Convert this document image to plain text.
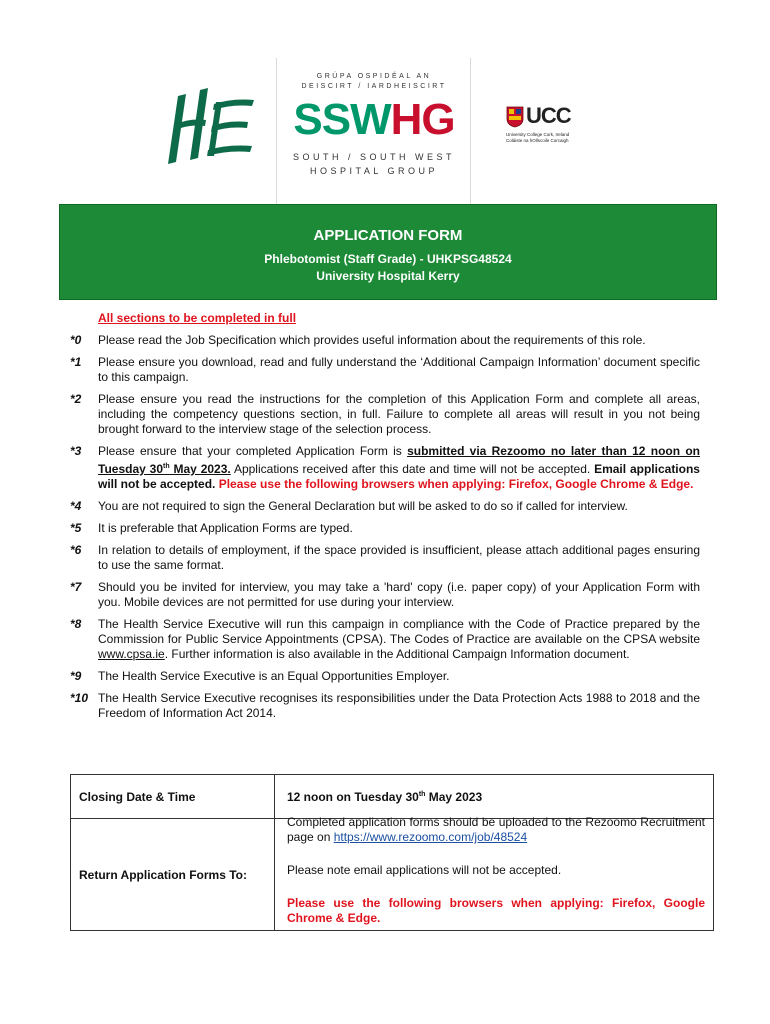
GRÚPA OSPIDÉAL AN
DEISCIRT / IARDHEISCIRT
SSWHG
SOUTH / SOUTH WEST
HOSPITAL GROUP
UCC
University College Cork, Ireland
Coláiste na hOllscoile Corcaigh
APPLICATION FORM
Phlebotomist (Staff Grade) - UHKPSG48524
University Hospital Kerry
All sections to be completed in full
*0 Please read the Job Specification which provides useful information about the requirements of this role.
*1 Please ensure you download, read and fully understand the ‘Additional Campaign Information’ document specific to this campaign.
*2 Please ensure you read the instructions for the completion of this Application Form and complete all areas, including the competency questions section, in full. Failure to complete all areas will result in you not being brought forward to the interview stage of the selection process.
*3 Please ensure that your completed Application Form is submitted via Rezoomo no later than 12 noon on Tuesday 30th May 2023. Applications received after this date and time will not be accepted. Email applications will not be accepted. Please use the following browsers when applying: Firefox, Google Chrome & Edge.
*4 You are not required to sign the General Declaration but will be asked to do so if called for interview.
*5 It is preferable that Application Forms are typed.
*6 In relation to details of employment, if the space provided is insufficient, please attach additional pages ensuring to use the same format.
*7 Should you be invited for interview, you may take a 'hard' copy (i.e. paper copy) of your Application Form with you. Mobile devices are not permitted for use during your interview.
*8 The Health Service Executive will run this campaign in compliance with the Code of Practice prepared by the Commission for Public Service Appointments (CPSA). The Codes of Practice are available on the CPSA website www.cpsa.ie. Further information is also available in the Additional Campaign Information document.
*9 The Health Service Executive is an Equal Opportunities Employer.
*10 The Health Service Executive recognises its responsibilities under the Data Protection Acts 1988 to 2018 and the Freedom of Information Act 2014.
Closing Date & Time	12 noon on Tuesday 30th May 2023
Return Application Forms To:	Completed application forms should be uploaded to the Rezoomo Recruitment page on https://www.rezoomo.com/job/48524

Please note email applications will not be accepted.

Please use the following browsers when applying: Firefox, Google Chrome & Edge.
